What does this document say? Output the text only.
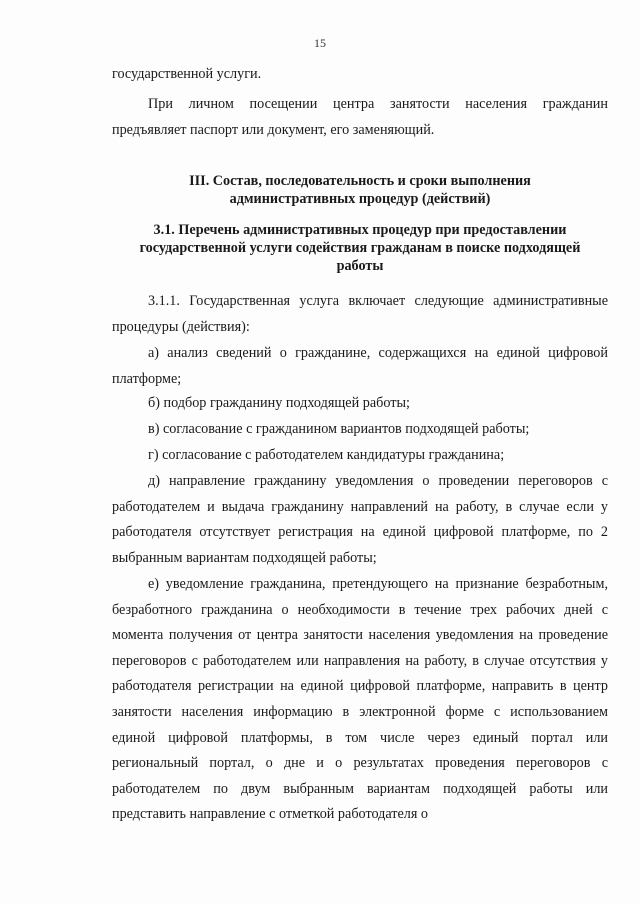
15

государственной услуги.

При личном посещении центра занятости населения гражданин предъявляет паспорт или документ, его заменяющий.

III. Состав, последовательность и сроки выполнения административных процедур (действий)

3.1. Перечень административных процедур при предоставлении государственной услуги содействия гражданам в поиске подходящей работы

3.1.1. Государственная услуга включает следующие административные процедуры (действия):

а) анализ сведений о гражданине, содержащихся на единой цифровой платформе;

б) подбор гражданину подходящей работы;

в) согласование с гражданином вариантов подходящей работы;

г) согласование с работодателем кандидатуры гражданина;

д) направление гражданину уведомления о проведении переговоров с работодателем и выдача гражданину направлений на работу, в случае если у работодателя отсутствует регистрация на единой цифровой платформе, по 2 выбранным вариантам подходящей работы;

е) уведомление гражданина, претендующего на признание безработным, безработного гражданина о необходимости в течение трех рабочих дней с момента получения от центра занятости населения уведомления на проведение переговоров с работодателем или направления на работу, в случае отсутствия у работодателя регистрации на единой цифровой платформе, направить в центр занятости населения информацию в электронной форме с использованием единой цифровой платформы, в том числе через единый портал или региональный портал, о дне и о результатах проведения переговоров с работодателем по двум выбранным вариантам подходящей работы или представить направление с отметкой работодателя о
